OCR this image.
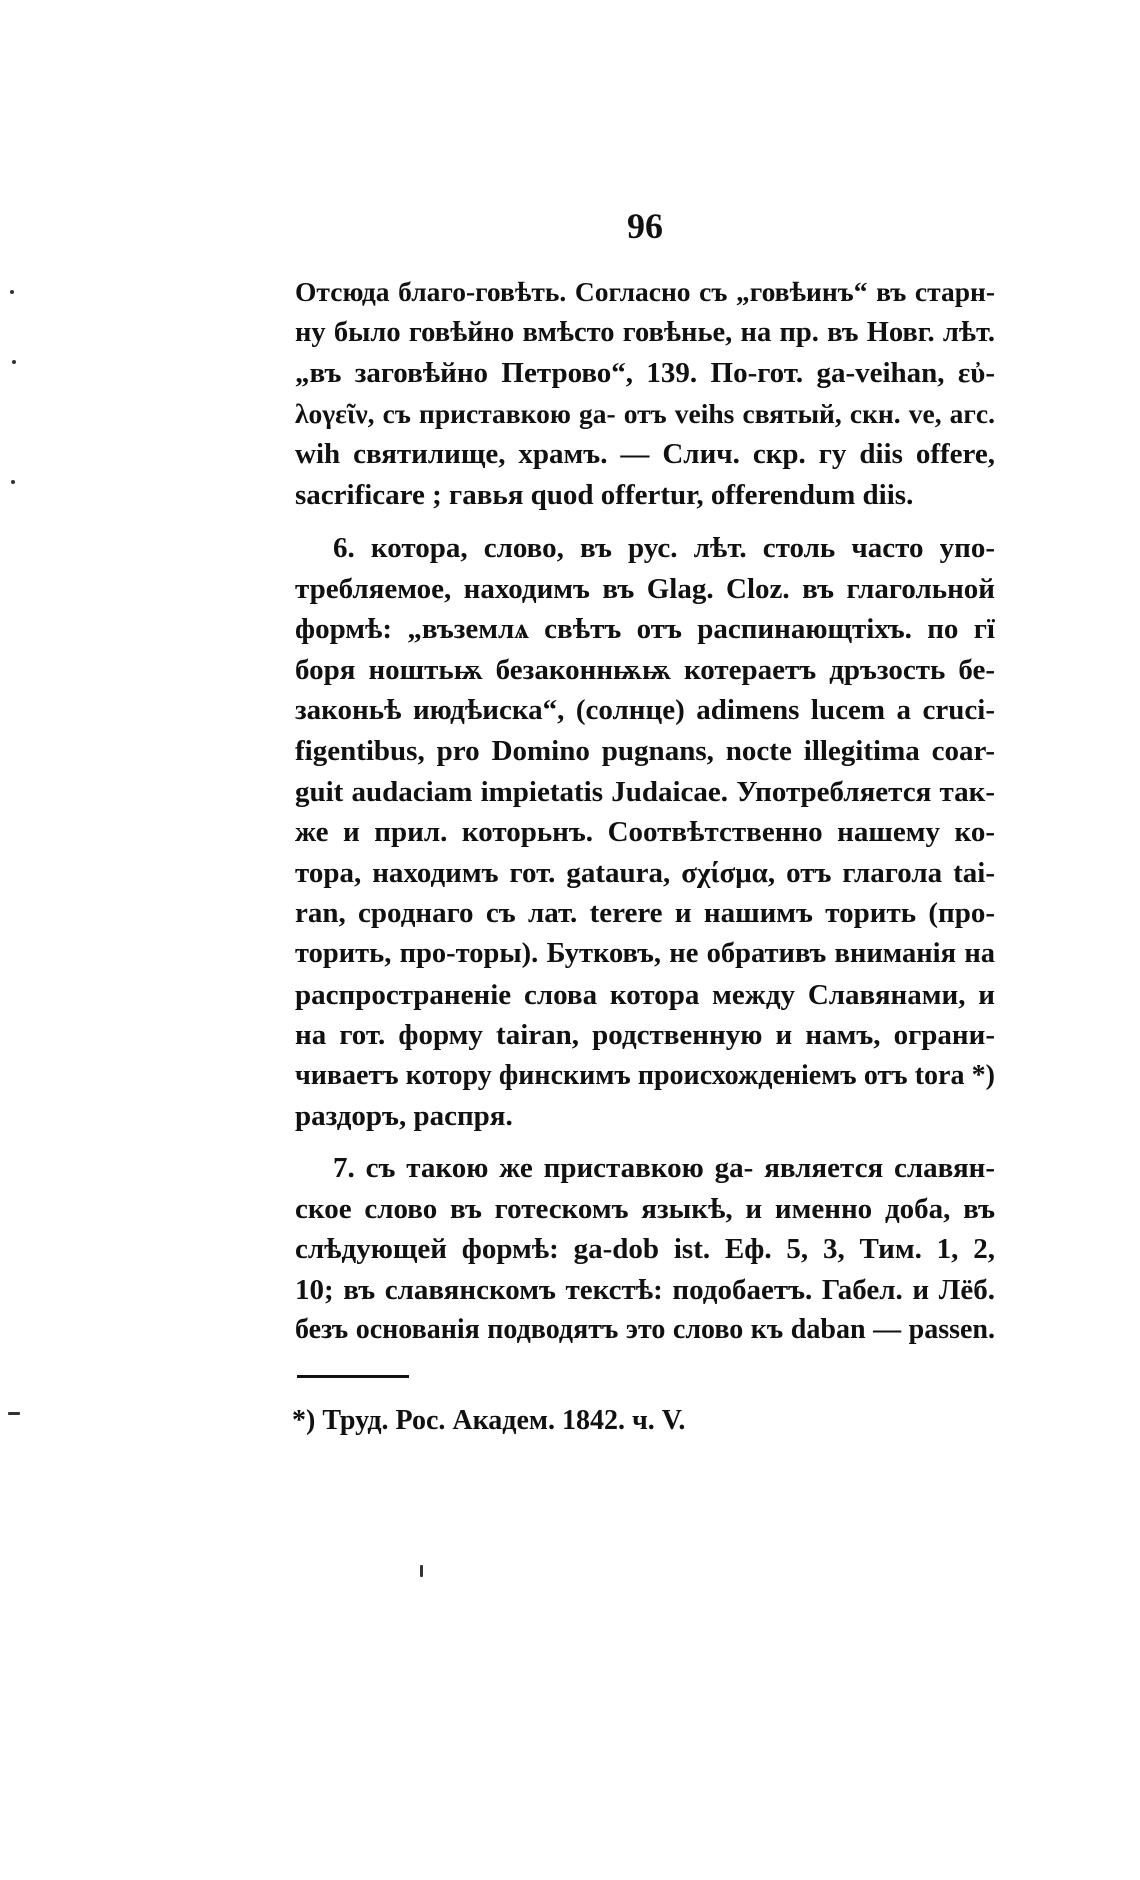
96
Отсюда благо-говѣть. Согласно съ „говѣинъ“ въ старн-
ну было говѣйно вмѣсто говѣнье, на пр. въ Новг. лѣт.
„въ заговѣйно Петрово“, 139. По-гот. ga-veihan, εὐ-
λογεῖν, съ приставкою ga- отъ veihs святый, скн. ve, агс.
wih святилище, храмъ. — Слич. скр. гу diis offere,
sacrificare ; гавья quod offertur, offerendum diis.
6. котора, слово, въ рус. лѣт. столь часто упо-
требляемое, находимъ въ Glag. Cloz. въ глагольной
формѣ: „въземлѧ свѣтъ отъ распинающтіхъ. по гї
боря ноштьѭ безаконнѭѭ котераетъ дръзость бе-
законьѣ июдѣиска“, (солнце) adimens lucem a cruci-
figentibus, pro Domino pugnans, nocte illegitima coar-
guit audaciam impietatis Judaicae. Употребляется так-
же и прил. которьнъ. Соотвѣтственно нашему ко-
тора, находимъ гот. gataura, σχίσμα, отъ глагола tai-
ran, сроднаго съ лат. terere и нашимъ торить (про-
торить, про-торы). Бутковъ, не обративъ вниманія на
распространеніе слова котора между Славянами, и
на гот. форму tairan, родственную и намъ, ограни-
чиваетъ котору финскимъ происхожденіемъ отъ tora *)
раздоръ, распря.
7. съ такою же приставкою ga- является славян-
ское слово въ готескомъ языкѣ, и именно доба, въ
слѣдующей формѣ: ga-dob ist. Еф. 5, 3, Тим. 1, 2,
10; въ славянскомъ текстѣ: подобаетъ. Габел. и Лёб.
безъ основанія подводятъ это слово къ daban — passen.
*) Труд. Рос. Академ. 1842. ч. V.
